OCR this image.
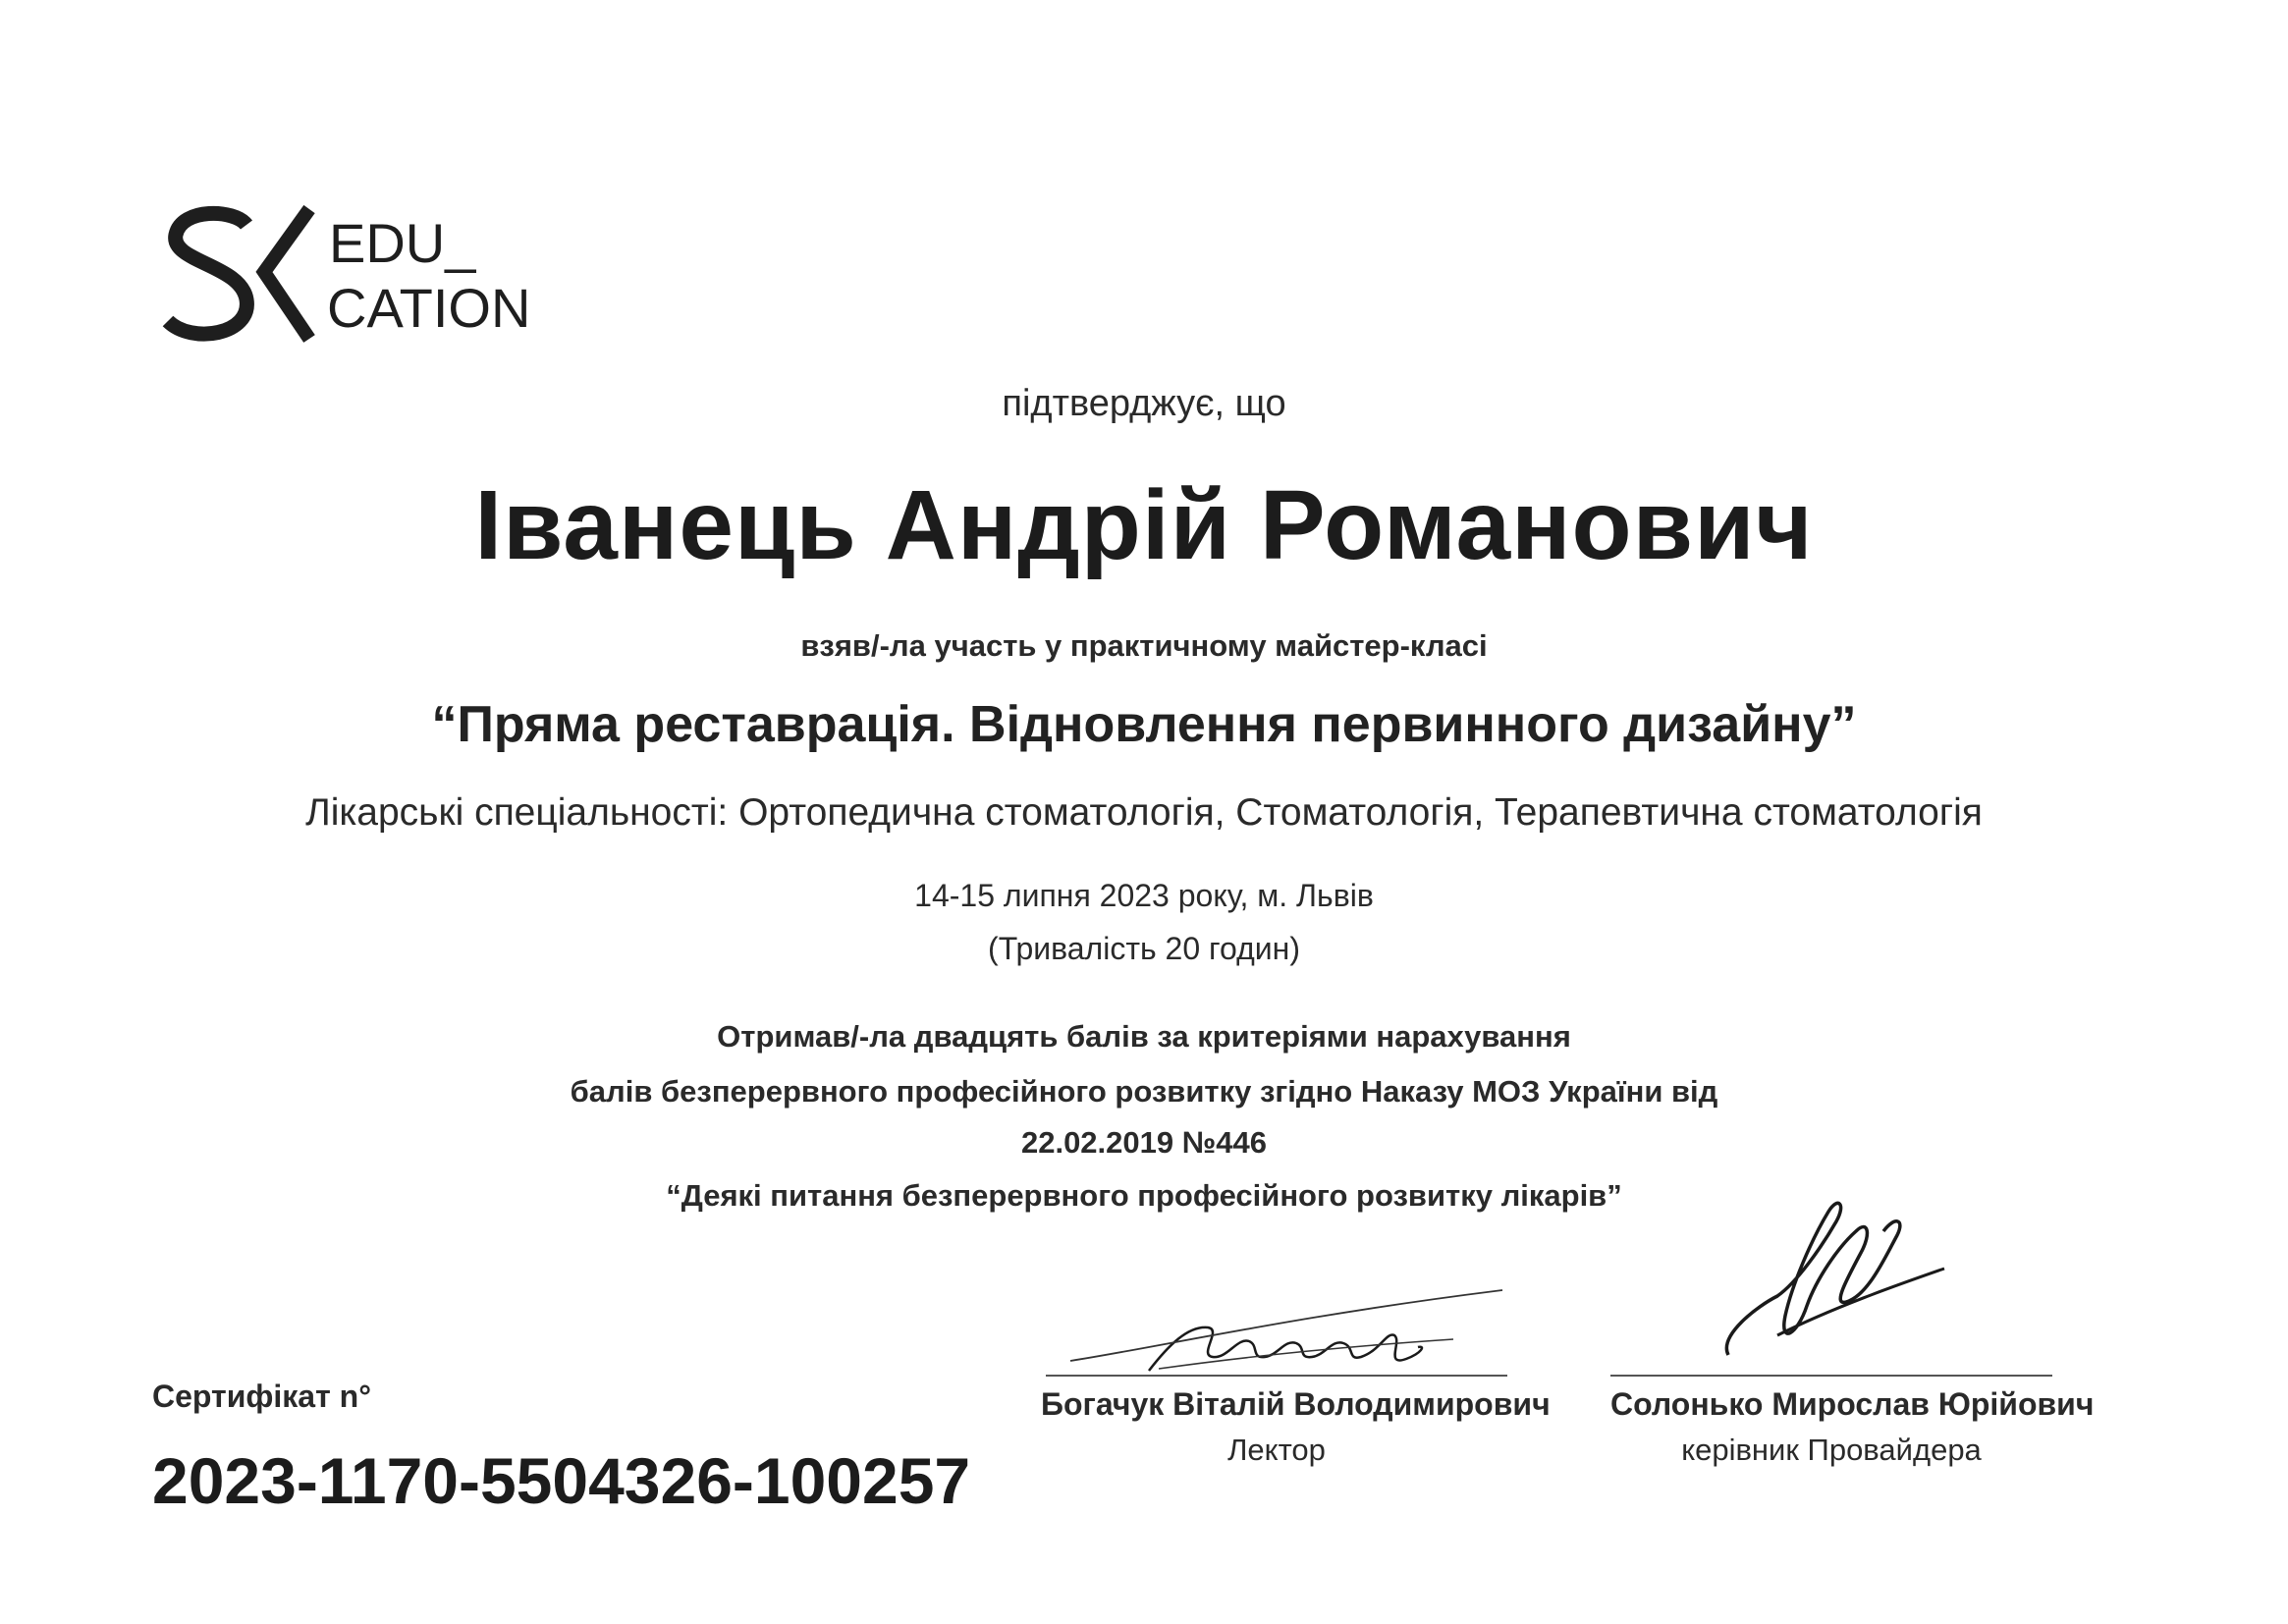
EDU_
CATION
підтверджує, що
Іванець Андрій Романович
взяв/-ла участь у практичному майстер-класі
“Пряма реставрація. Відновлення первинного дизайну”
Лікарські спеціальності: Ортопедична стоматологія, Стоматологія, Терапевтична стоматологія
14-15 липня 2023 року, м. Львів
(Тривалість 20 годин)
Отримав/-ла двадцять балів за критеріями нарахування
балів безперервного професійного розвитку згідно Наказу МОЗ України від
22.02.2019 №446
“Деякі питання безперервного професійного розвитку лікарів”
Сертифікат n°
2023-1170-5504326-100257
Богачук Віталій Володимирович
Лектор
Солонько Мирослав Юрійович
керівник Провайдера
